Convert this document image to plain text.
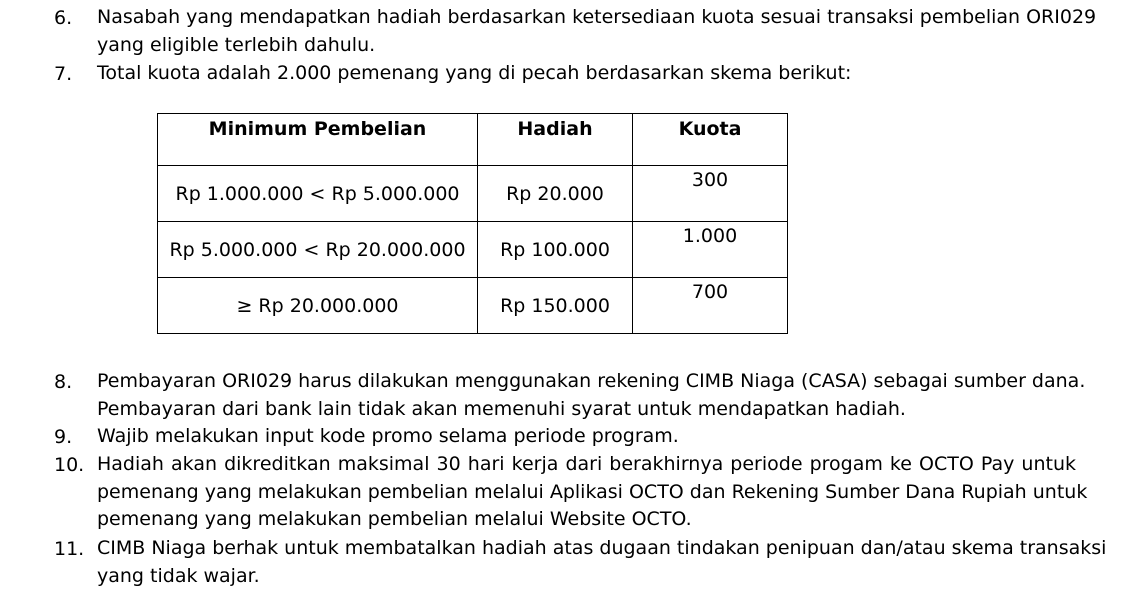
6.	Nasabah yang mendapatkan hadiah berdasarkan ketersediaan kuota sesuai transaksi pembelian ORI029
yang eligible terlebih dahulu.
7.	Total kuota adalah 2.000 pemenang yang di pecah berdasarkan skema berikut:
Minimum Pembelian	Hadiah	Kuota
Rp 1.000.000 < Rp 5.000.000	Rp 20.000	300
Rp 5.000.000 < Rp 20.000.000	Rp 100.000	1.000
≥ Rp 20.000.000	Rp 150.000	700
8.	Pembayaran ORI029 harus dilakukan menggunakan rekening CIMB Niaga (CASA) sebagai sumber dana.
Pembayaran dari bank lain tidak akan memenuhi syarat untuk mendapatkan hadiah.
9.	Wajib melakukan input kode promo selama periode program.
10. Hadiah akan dikreditkan maksimal 30 hari kerja dari berakhirnya periode progam ke OCTO Pay untuk
pemenang yang melakukan pembelian melalui Aplikasi OCTO dan Rekening Sumber Dana Rupiah untuk
pemenang yang melakukan pembelian melalui Website OCTO.
11. CIMB Niaga berhak untuk membatalkan hadiah atas dugaan tindakan penipuan dan/atau skema transaksi
yang tidak wajar.
